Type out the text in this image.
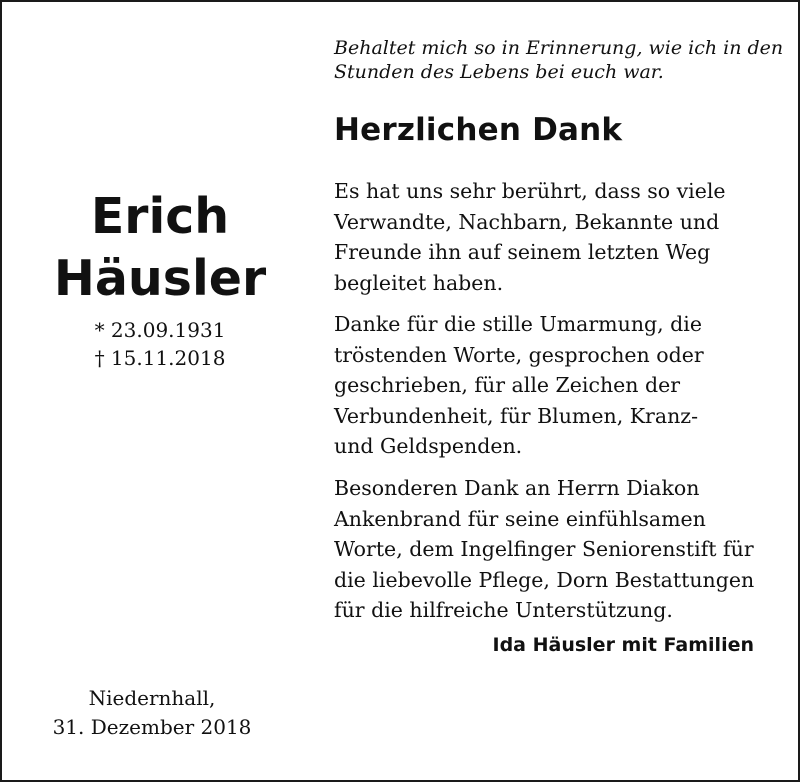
Behaltet mich so in Erinnerung, wie ich in den
Stunden des Lebens bei euch war.
Herzlichen Dank
Erich
Häusler
* 23.09.1931
† 15.11.2018
Es hat uns sehr berührt, dass so viele
Verwandte, Nachbarn, Bekannte und
Freunde ihn auf seinem letzten Weg
begleitet haben.
Danke für die stille Umarmung, die
tröstenden Worte, gesprochen oder
geschrieben, für alle Zeichen der
Verbundenheit, für Blumen, Kranz-
und Geldspenden.
Besonderen Dank an Herrn Diakon
Ankenbrand für seine einfühlsamen
Worte, dem Ingelfinger Seniorenstift für
die liebevolle Pflege, Dorn Bestattungen
für die hilfreiche Unterstützung.
Ida Häusler mit Familien
Niedernhall,
31. Dezember 2018
